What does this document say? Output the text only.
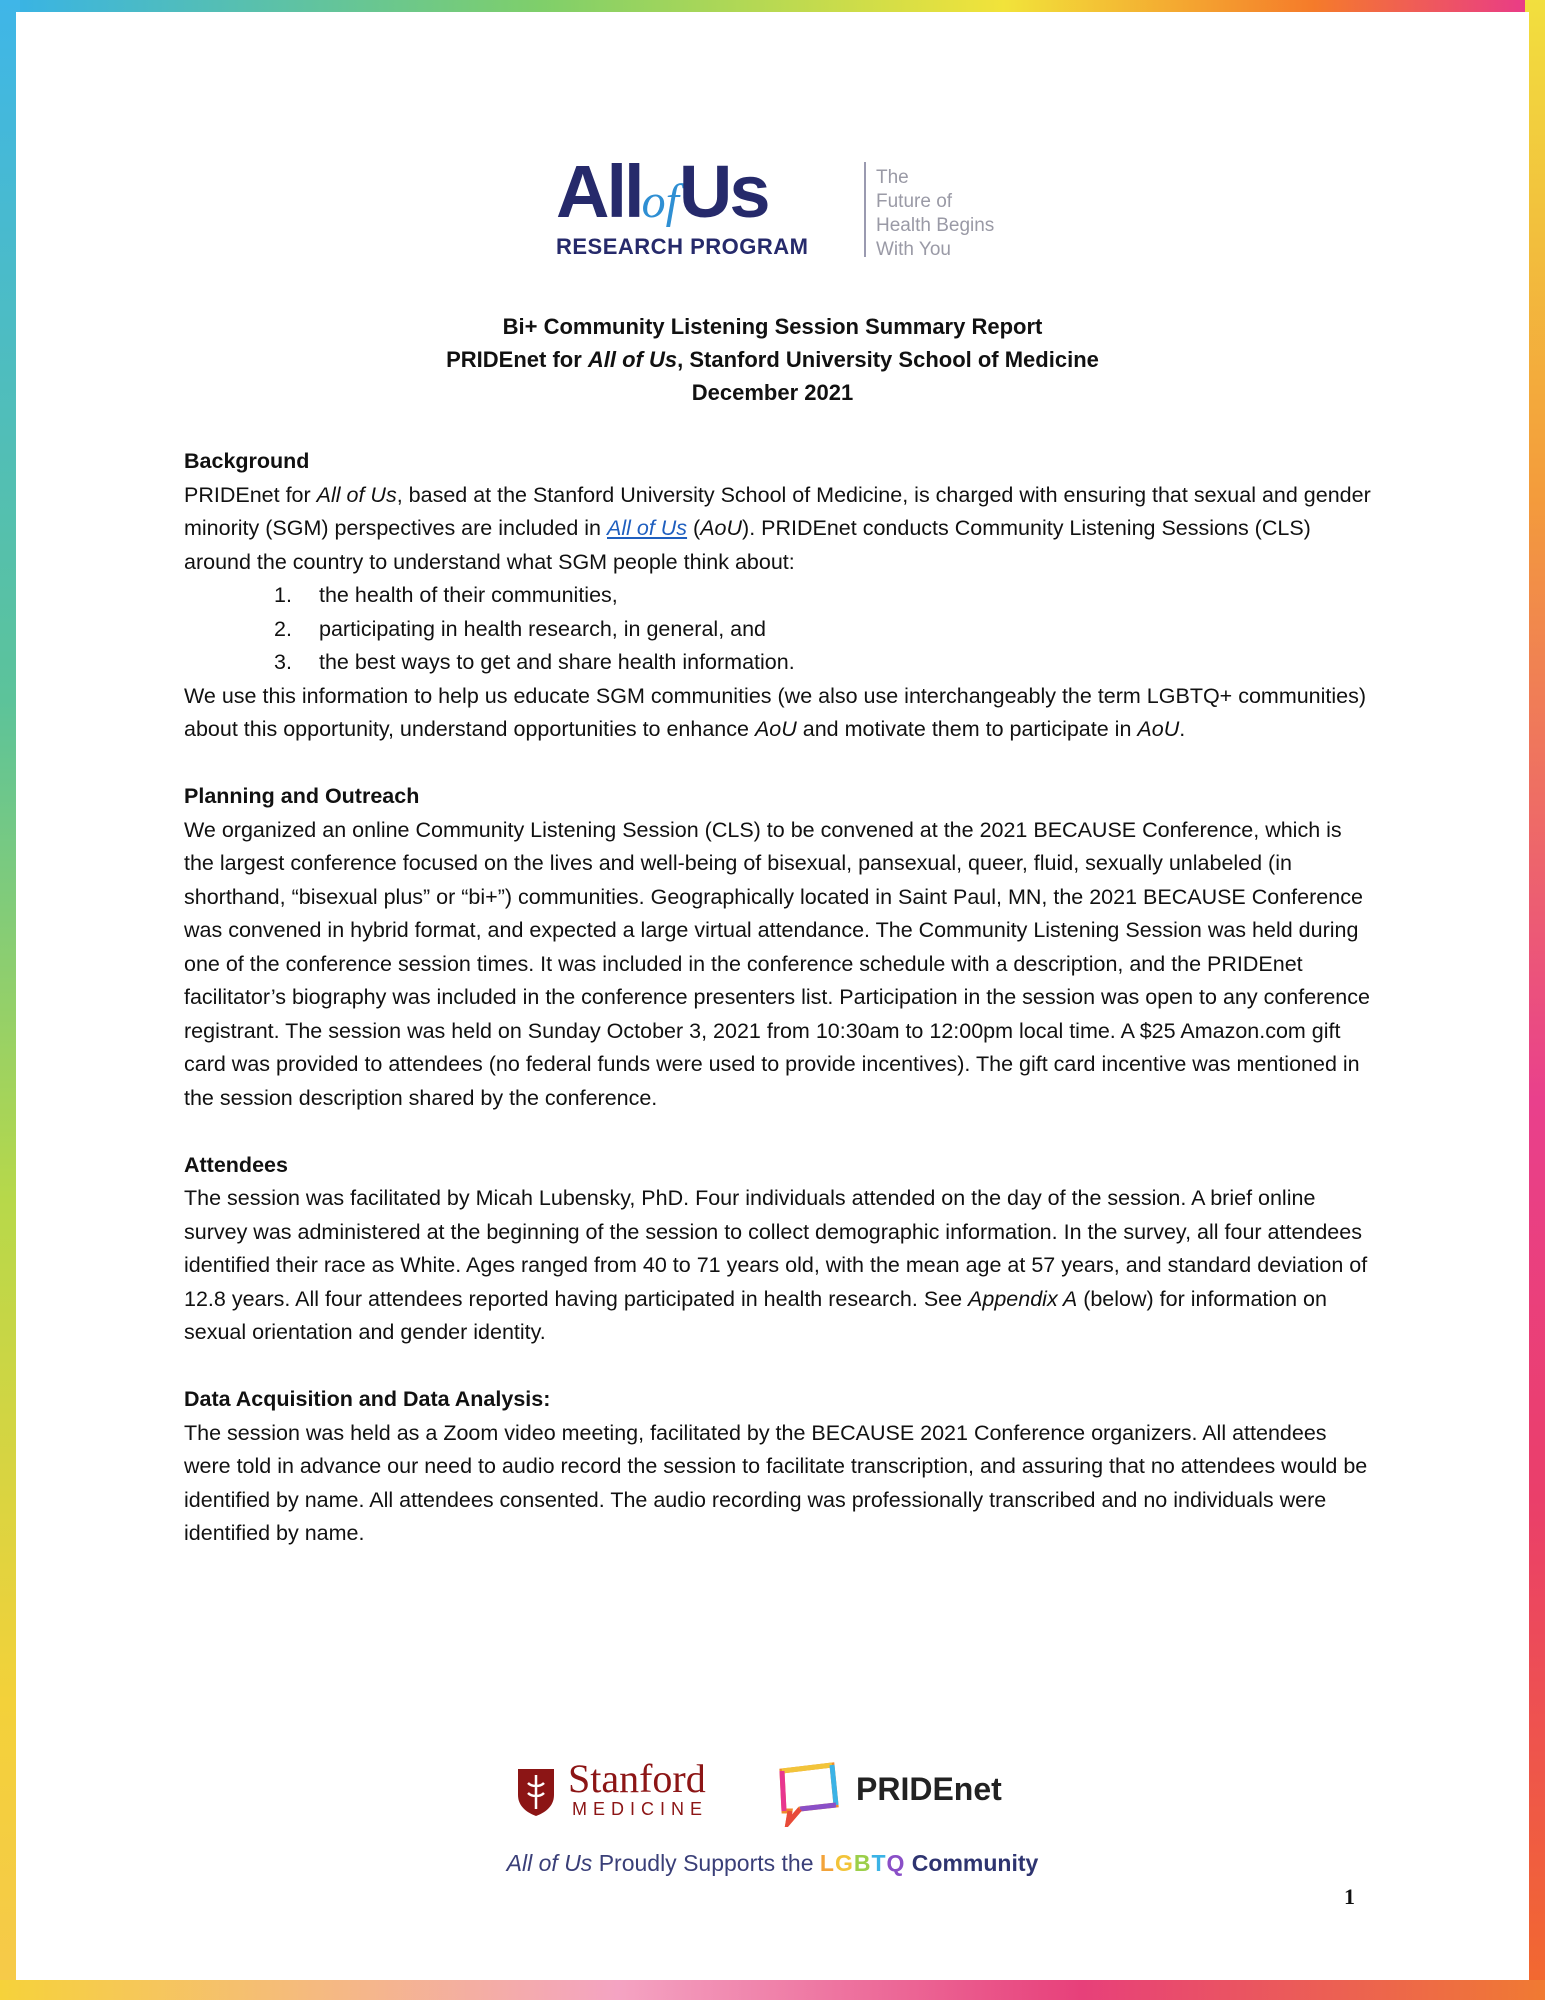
AllofUs
RESEARCH PROGRAM
The
Future of
Health Begins
With You
Bi+ Community Listening Session Summary Report
PRIDEnet for All of Us, Stanford University School of Medicine
December 2021

Background

PRIDEnet for All of Us, based at the Stanford University School of Medicine, is charged with ensuring that sexual and gender minority (SGM) perspectives are included in All of Us (AoU). PRIDEnet conducts Community Listening Sessions (CLS) around the country to understand what SGM people think about:

1. the health of their communities,
2. participating in health research, in general, and
3. the best ways to get and share health information.

We use this information to help us educate SGM communities (we also use interchangeably the term LGBTQ+ communities) about this opportunity, understand opportunities to enhance AoU and motivate them to participate in AoU.

Planning and Outreach

We organized an online Community Listening Session (CLS) to be convened at the 2021 BECAUSE Conference, which is the largest conference focused on the lives and well-being of bisexual, pansexual, queer, fluid, sexually unlabeled (in shorthand, “bisexual plus” or “bi+”) communities. Geographically located in Saint Paul, MN, the 2021 BECAUSE Conference was convened in hybrid format, and expected a large virtual attendance. The Community Listening Session was held during one of the conference session times. It was included in the conference schedule with a description, and the PRIDEnet facilitator’s biography was included in the conference presenters list. Participation in the session was open to any conference registrant. The session was held on Sunday October 3, 2021 from 10:30am to 12:00pm local time. A $25 Amazon.com gift card was provided to attendees (no federal funds were used to provide incentives). The gift card incentive was mentioned in the session description shared by the conference.

Attendees

The session was facilitated by Micah Lubensky, PhD. Four individuals attended on the day of the session. A brief online survey was administered at the beginning of the session to collect demographic information. In the survey, all four attendees identified their race as White. Ages ranged from 40 to 71 years old, with the mean age at 57 years, and standard deviation of 12.8 years. All four attendees reported having participated in health research. See Appendix A (below) for information on sexual orientation and gender identity.

Data Acquisition and Data Analysis:

The session was held as a Zoom video meeting, facilitated by the BECAUSE 2021 Conference organizers. All attendees were told in advance our need to audio record the session to facilitate transcription, and assuring that no attendees would be identified by name. All attendees consented. The audio recording was professionally transcribed and no individuals were identified by name.

Stanford
MEDICINE
PRIDEnet
All of Us Proudly Supports the LGBTQ Community
1
